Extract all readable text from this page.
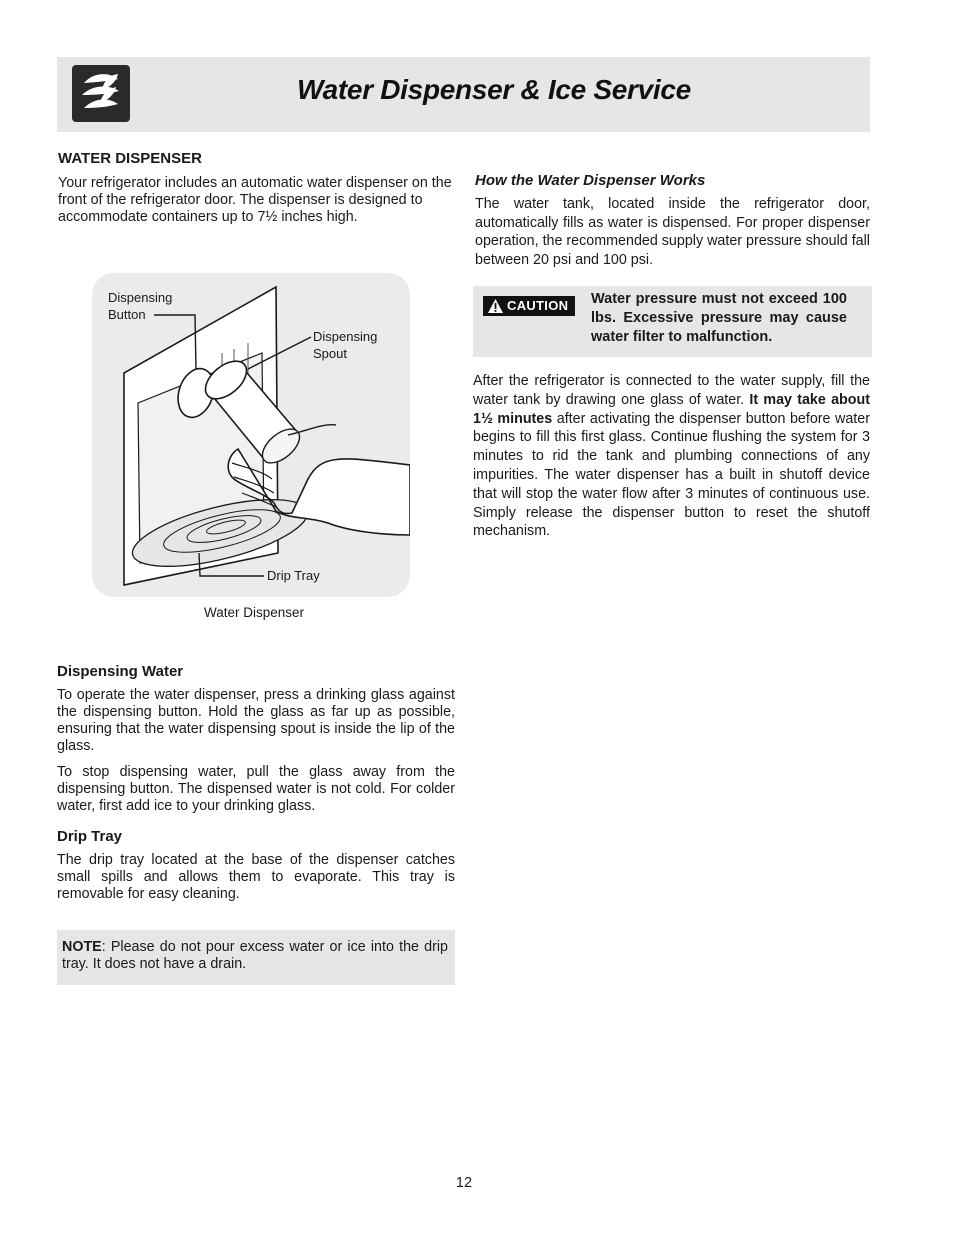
Water Dispenser & Ice Service
WATER DISPENSER

Your refrigerator includes an automatic water dispenser on the front of the refrigerator door. The dispenser is designed to accommodate containers up to 7½ inches high.

Dispensing Button
Dispensing Spout
Drip Tray
Water Dispenser
Dispensing Water

To operate the water dispenser, press a drinking glass against the dispensing button. Hold the glass as far up as possible, ensuring that the water dispensing spout is inside the lip of the glass.

To stop dispensing water, pull the glass away from the dispensing button. The dispensed water is not cold. For colder water, first add ice to your drinking glass.

Drip Tray

The drip tray located at the base of the dispenser catches small spills and allows them to evaporate. This tray is removable for easy cleaning.

NOTE: Please do not pour excess water or ice into the drip tray. It does not have a drain.

How the Water Dispenser Works

The water tank, located inside the refrigerator door, automatically fills as water is dispensed. For proper dispenser operation, the recommended supply water pressure should fall between 20 psi and 100 psi.

CAUTION Water pressure must not exceed 100 lbs. Excessive pressure may cause water filter to malfunction.

After the refrigerator is connected to the water supply, fill the water tank by drawing one glass of water. It may take about 1½ minutes after activating the dispenser button before water begins to fill this first glass. Continue flushing the system for 3 minutes to rid the tank and plumbing connections of any impurities. The water dispenser has a built in shutoff device that will stop the water flow after 3 minutes of continuous use. Simply release the dispenser button to reset the shutoff mechanism.

12
